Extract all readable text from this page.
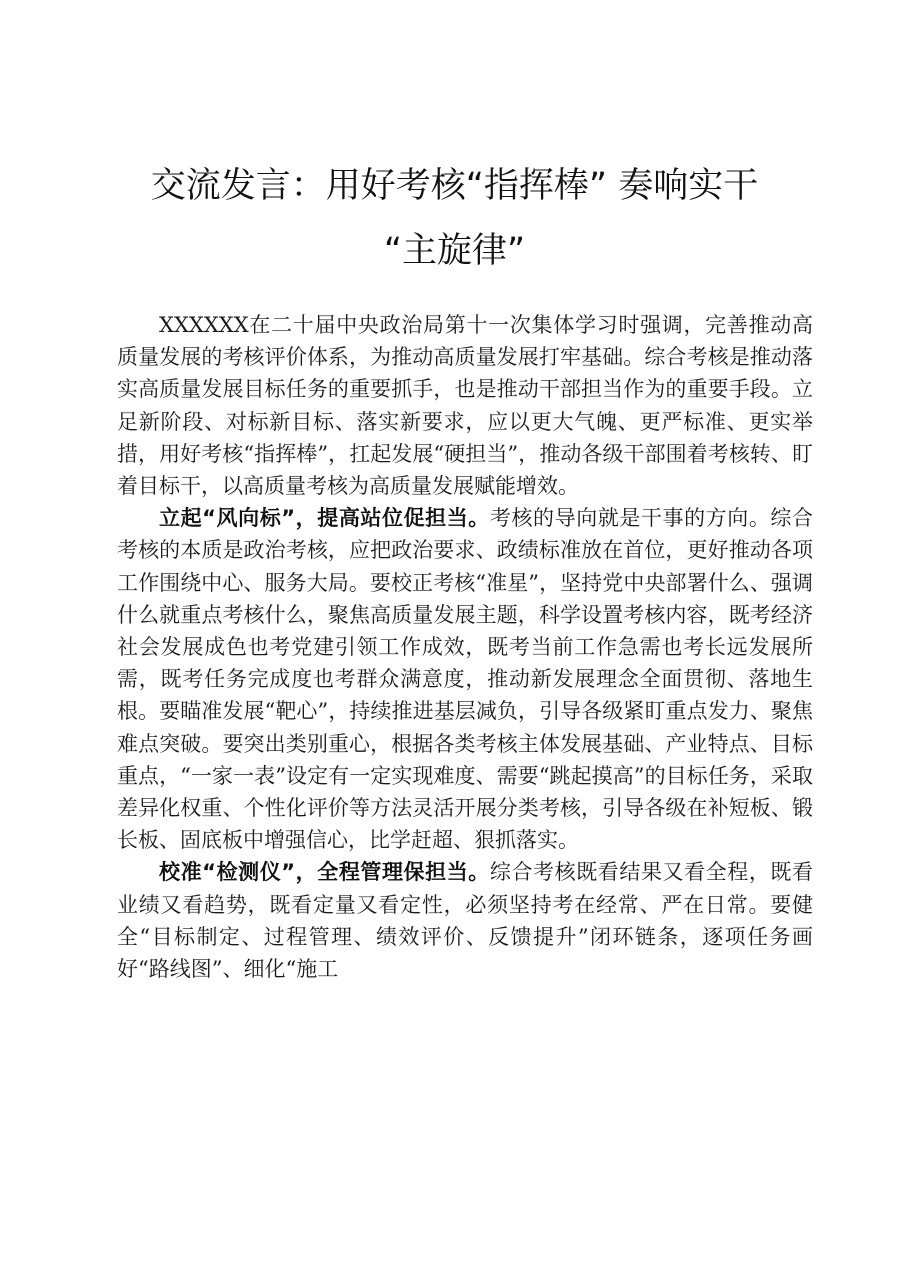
交流发言：用好考核“指挥棒” 奏响实干
“主旋律”

XXXXXX在二十届中央政治局第十一次集体学习时强调，完善推动高质量发展的考核评价体系，为推动高质量发展打牢基础。综合考核是推动落实高质量发展目标任务的重要抓手，也是推动干部担当作为的重要手段。立足新阶段、对标新目标、落实新要求，应以更大气魄、更严标准、更实举措，用好考核“指挥棒”，扛起发展“硬担当”，推动各级干部围着考核转、盯着目标干，以高质量考核为高质量发展赋能增效。

立起“风向标”，提高站位促担当。考核的导向就是干事的方向。综合考核的本质是政治考核，应把政治要求、政绩标准放在首位，更好推动各项工作围绕中心、服务大局。要校正考核“准星”，坚持党中央部署什么、强调什么就重点考核什么，聚焦高质量发展主题，科学设置考核内容，既考经济社会发展成色也考党建引领工作成效，既考当前工作急需也考长远发展所需，既考任务完成度也考群众满意度，推动新发展理念全面贯彻、落地生根。要瞄准发展“靶心”，持续推进基层减负，引导各级紧盯重点发力、聚焦难点突破。要突出类别重心，根据各类考核主体发展基础、产业特点、目标重点，“一家一表”设定有一定实现难度、需要“跳起摸高”的目标任务，采取差异化权重、个性化评价等方法灵活开展分类考核，引导各级在补短板、锻长板、固底板中增强信心，比学赶超、狠抓落实。

校准“检测仪”，全程管理保担当。综合考核既看结果又看全程，既看业绩又看趋势，既看定量又看定性，必须坚持考在经常、严在日常。要健全“目标制定、过程管理、绩效评价、反馈提升”闭环链条，逐项任务画好“路线图”、细化“施工
